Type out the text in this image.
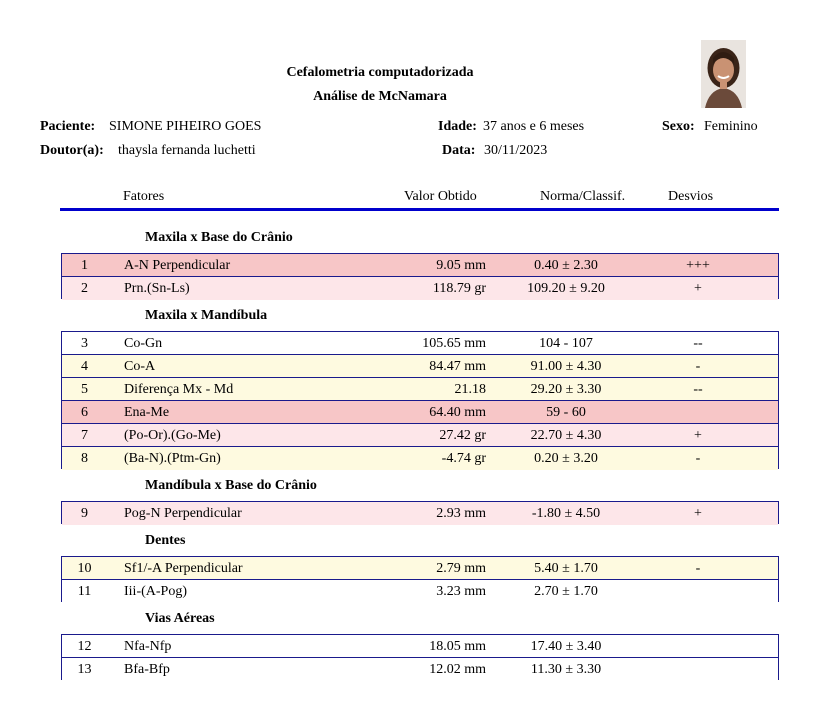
Cefalometria computadorizada
Análise de McNamara
Paciente: SIMONE PIHEIRO GOES
Doutor(a): thaysla fernanda luchetti
Idade: 37 anos e 6 meses
Data: 30/11/2023
Sexo: Feminino
Fatores	Valor Obtido	Norma/Classif.	Desvios
1	A-N Perpendicular	9.05 mm	0.40 ± 2.30	+++
2	Prn.(Sn-Ls)	118.79 gr	109.20 ± 9.20	+
3	Co-Gn	105.65 mm	104 - 107	--
4	Co-A	84.47 mm	91.00 ± 4.30	-
5	Diferença Mx - Md	21.18	29.20 ± 3.30	--
6	Ena-Me	64.40 mm	59 - 60
7	(Po-Or).(Go-Me)	27.42 gr	22.70 ± 4.30	+
8	(Ba-N).(Ptm-Gn)	-4.74 gr	0.20 ± 3.20	-
9	Pog-N Perpendicular	2.93 mm	-1.80 ± 4.50	+
10	Sf1/-A Perpendicular	2.79 mm	5.40 ± 1.70	-
11	Iii-(A-Pog)	3.23 mm	2.70 ± 1.70
12	Nfa-Nfp	18.05 mm	17.40 ± 3.40
13	Bfa-Bfp	12.02 mm	11.30 ± 3.30
Maxila x Base do Crânio
Maxila x Mandíbula
Mandíbula x Base do Crânio
Dentes
Vias Aéreas
